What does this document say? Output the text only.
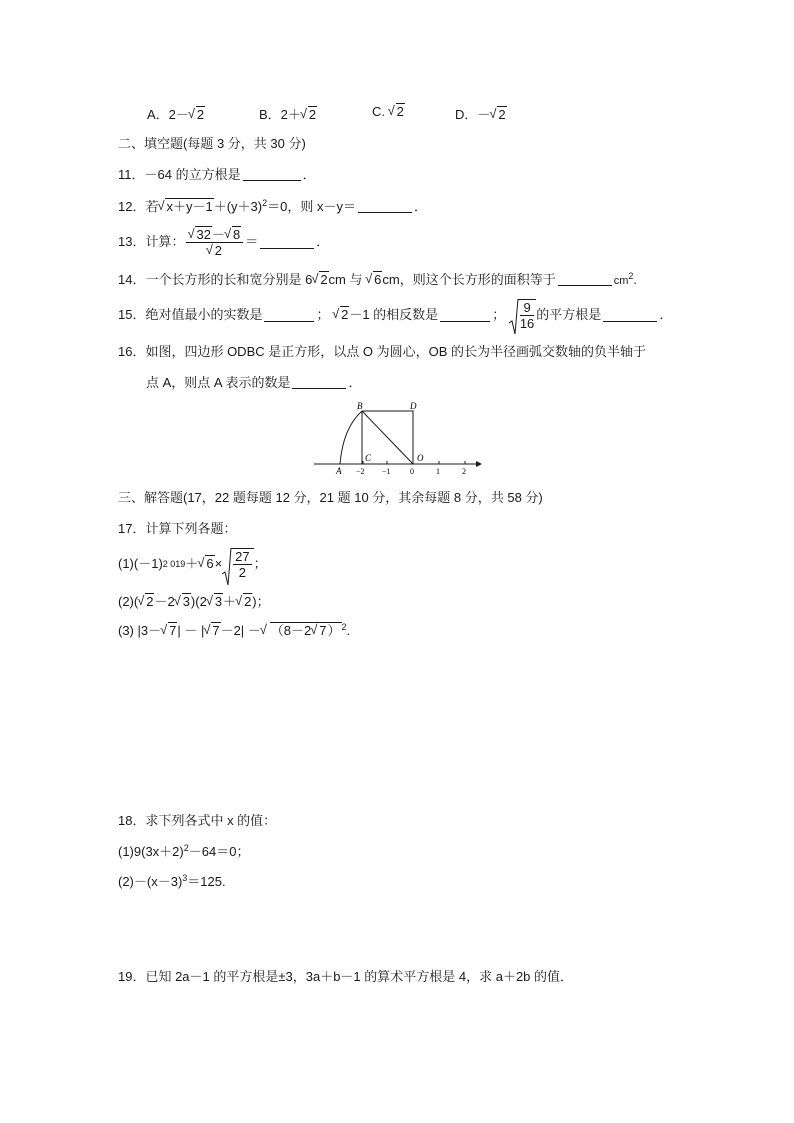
A．2－ √ 2	B．2＋ √ 2	C. √ 2	D．－ √ 2
二、填空题(每题 3 分，共 30 分)
11．－64 的立方根是	．
12．若 √ $x+y-1+(y+3)^2=0$，则 x－y＝	．
13．计算： √ 32－ √ 8
√ 2 ＝	．
14．一个长方形的长和宽分别是 6 √ 2cm 与 √ 6cm，则这个长方形的面积等于	$cm^2$.
15．绝对值最小的实数是	；
√ 2 －1 的相反数是	；
$\frac{9}{16}$ 的平方根是	．
16．如图，四边形 ODBC 是正方形，以点 O 为圆心，OB 的长为半径画弧交数轴的负半轴于
点 A，则点 A 表示的数是	．
B	D
C	O
A −2 −1 0	1	2
三、解答题(17，22 题每题 12 分，21 题 10 分，其余每题 8 分，共 58 分)
17．计算下列各题：
(1)(－1) 2 019 ＋ √ $6 \times \frac{27}{2}$ ；
(2)( √ 2－2 √ 3)(2 √ 3＋ √ 2)；
(3) |3－ √ 7| － | √ 7－2| － √ （8－2 √ 7）$^2$.
18．求下列各式中 x 的值：
$(1)9(3x+2)^2-64=0$；
$(2)-(x-3)^3=125$.
19．已知 2a－1 的平方根是±3，3a＋b－1 的算术平方根是 4，求 a＋2b 的值．
